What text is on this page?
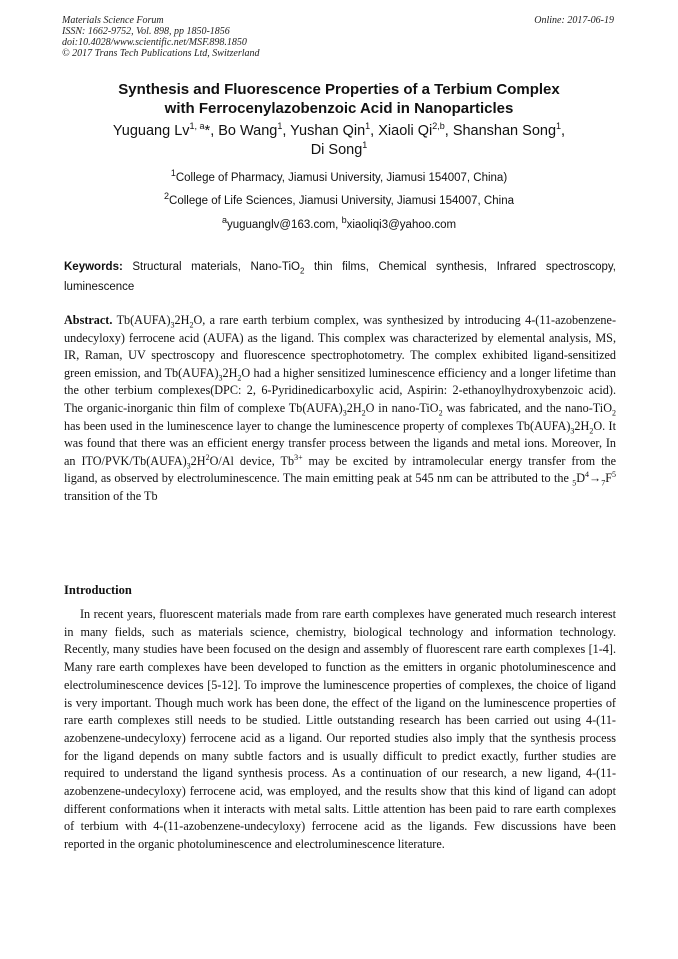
Materials Science Forum
ISSN: 1662-9752, Vol. 898, pp 1850-1856
doi:10.4028/www.scientific.net/MSF.898.1850
© 2017 Trans Tech Publications Ltd, Switzerland
Online: 2017-06-19
Synthesis and Fluorescence Properties of a Terbium Complex
with Ferrocenylazobenzoic Acid in Nanoparticles
Yuguang Lv$^{1, a}$*, Bo Wang$^1$, Yushan Qin$^1$, Xiaoli Qi$^{2,b}$, Shanshan Song$^1$,
Di Song$^1$
$^1$College of Pharmacy, Jiamusi University, Jiamusi 154007, China)
$^2$College of Life Sciences, Jiamusi University, Jiamusi 154007, China
$^a$yuguanglv@163.com, $^b$xiaoliqi3@yahoo.com
Keywords: Structural materials, Nano-TiO$_2$ thin films, Chemical synthesis, Infrared spectroscopy, luminescence
Abstract. $Tb(AUFA)_32H_2O$, a rare earth terbium complex, was synthesized by introducing 4-(11-azobenzene-undecyloxy) ferrocene acid (AUFA) as the ligand. This complex was characterized by elemental analysis, MS, IR, Raman, UV spectroscopy and fluorescence spectrophotometry. The complex exhibited ligand-sensitized green emission, and $Tb(AUFA)_32H_2O$ had a higher sensitized luminescence efficiency and a longer lifetime than the other terbium complexes(DPC: 2, 6-Pyridinedicarboxylic acid, Aspirin: 2-ethanoylhydroxybenzoic acid). The organic-inorganic thin film of complexe $Tb(AUFA)_32H_2O$ in nano-TiO$_2$ was fabricated, and the nano-TiO$_2$ has been used in the luminescence layer to change the luminescence property of complexes $Tb(AUFA)_32H_2O$. It was found that there was an efficient energy transfer process between the ligands and metal ions. Moreover, In an ITO/$PVK/Tb(AUFA)_32H^2O/Al$ device, $Tb^{3+}$ may be excited by intramolecular energy transfer from the ligand, as observed by electroluminescence. The main emitting peak at 545 nm can be attributed to the $_5D^4\to_7F^5$ transition of the Tb
Introduction
In recent years, fluorescent materials made from rare earth complexes have generated much research interest in many fields, such as materials science, chemistry, biological technology and information technology. Recently, many studies have been focused on the design and assembly of fluorescent rare earth complexes [1-4]. Many rare earth complexes have been developed to function as the emitters in organic photoluminescence and electroluminescence devices [5-12]. To improve the luminescence properties of complexes, the choice of ligand is very important. Though much work has been done, the effect of the ligand on the luminescence properties of rare earth complexes still needs to be studied. Little outstanding research has been carried out using 4-(11-azobenzene-undecyloxy) ferrocene acid as a ligand. Our reported studies also imply that the synthesis process for the ligand depends on many subtle factors and is usually difficult to predict exactly, further studies are required to understand the ligand synthesis process. As a continuation of our research, a new ligand, 4-(11-azobenzene-undecyloxy) ferrocene acid, was employed, and the results show that this kind of ligand can adopt different conformations when it interacts with metal salts. Little attention has been paid to rare earth complexes of terbium with 4-(11-azobenzene-undecyloxy) ferrocene acid as the ligands. Few discussions have been reported in the organic photoluminescence and electroluminescence literature.
